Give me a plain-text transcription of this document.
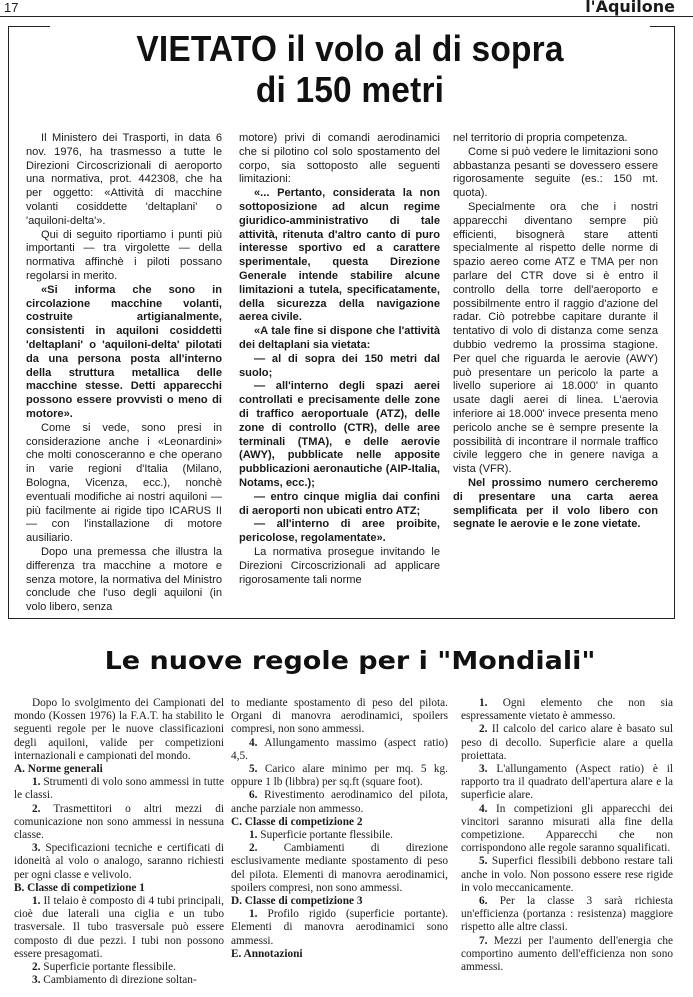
17	l'Aquilone
VIETATO il volo al di sopra
di 150 metri

Il Ministero dei Trasporti, in data 6 nov. 1976, ha trasmesso a tutte le Direzioni Circoscrizionali di aeroporto una normativa, prot. 442308, che ha per oggetto: «Attività di macchine volanti cosiddette 'deltaplani' o 'aquiloni-delta'».

Qui di seguito riportiamo i punti più importanti — tra virgolette — della normativa affinchè i piloti possano regolarsi in merito.

«Si informa che sono in circolazione macchine volanti, costruite artigianalmente, consistenti in aquiloni cosiddetti 'deltaplani' o 'aquiloni-delta' pilotati da una persona posta all'interno della struttura metallica delle macchine stesse. Detti apparecchi possono essere provvisti o meno di motore».

Come si vede, sono presi in considerazione anche i «Leonardini» che molti conosceranno e che operano in varie regioni d'Italia (Milano, Bologna, Vicenza, ecc.), nonchè eventuali modifiche ai nostri aquiloni — più facilmente ai rigide tipo ICARUS II — con l'installazione di motore ausiliario.

Dopo una premessa che illustra la differenza tra macchine a motore e senza motore, la normativa del Ministro conclude che l'uso degli aquiloni (in volo libero, senza

motore) privi di comandi aerodinamici che si pilotino col solo spostamento del corpo, sia sottoposto alle seguenti limitazioni:

«... Pertanto, considerata la non sottoposizione ad alcun regime giuridico-amministrativo di tale attività, ritenuta d'altro canto di puro interesse sportivo ed a carattere sperimentale, questa Direzione Generale intende stabilire alcune limitazioni a tutela, specificatamente, della sicurezza della navigazione aerea civile.

«A tale fine si dispone che l'attività dei deltaplani sia vietata:

— al di sopra dei 150 metri dal suolo;

— all'interno degli spazi aerei controllati e precisamente delle zone di traffico aeroportuale (ATZ), delle zone di controllo (CTR), delle aree terminali (TMA), e delle aerovie (AWY), pubblicate nelle apposite pubblicazioni aeronautiche (AIP-Italia, Notams, ecc.);

— entro cinque miglia dai confini di aeroporti non ubicati entro ATZ;

— all'interno di aree proibite, pericolose, regolamentate».

La normativa prosegue invitando le Direzioni Circoscrizionali ad applicare rigorosamente tali norme

nel territorio di propria competenza.

Come si può vedere le limitazioni sono abbastanza pesanti se dovessero essere rigorosamente seguite (es.: 150 mt. quota).

Specialmente ora che i nostri apparecchi diventano sempre più efficienti, bisognerà stare attenti specialmente al rispetto delle norme di spazio aereo come ATZ e TMA per non parlare del CTR dove si è entro il controllo della torre dell'aeroporto e possibilmente entro il raggio d'azione del radar. Ciò potrebbe capitare durante il tentativo di volo di distanza come senza dubbio vedremo la prossima stagione. Per quel che riguarda le aerovie (AWY) può presentare un pericolo la parte a livello superiore ai 18.000' in quanto usate dagli aerei di linea. L'aerovia inferiore ai 18.000' invece presenta meno pericolo anche se è sempre presente la possibilità di incontrare il normale traffico civile leggero che in genere naviga a vista (VFR).

Nel prossimo numero cercheremo di presentare una carta aerea semplificata per il volo libero con segnate le aerovie e le zone vietate.

Le nuove regole per i "Mondiali"

Dopo lo svolgimento dei Campionati del mondo (Kossen 1976) la F.A.T. ha stabilito le seguenti regole per le nuove classificazioni degli aquiloni, valide per competizioni internazionali e campionati del mondo.

A. Norme generali

1. Strumenti di volo sono ammessi in tutte le classi.

2. Trasmettitori o altri mezzi di comunicazione non sono ammessi in nessuna classe.

3. Specificazioni tecniche e certificati di idoneità al volo o analogo, saranno richiesti per ogni classe e velivolo.

B. Classe di competizione 1

1. Il telaio è composto di 4 tubi principali, cioè due laterali una ciglia e un tubo trasversale. Il tubo trasversale può essere composto di due pezzi. I tubi non possono essere presagomati.

2. Superficie portante flessibile.

3. Cambiamento di direzione soltan-

to mediante spostamento di peso del pilota. Organi di manovra aerodinamici, spoilers compresi, non sono ammessi.

4. Allungamento massimo (aspect ratio) 4,5.

5. Carico alare minimo per mq. 5 kg. oppure 1 lb (libbra) per sq.ft (square foot).

6. Rivestimento aerodinamico del pilota, anche parziale non ammesso.

C. Classe di competizione 2

1. Superficie portante flessibile.

2. Cambiamenti di direzione esclusivamente mediante spostamento di peso del pilota. Elementi di manovra aerodinamici, spoilers compresi, non sono ammessi.

D. Classe di competizione 3

1. Profilo rigido (superficie portante). Elementi di manovra aerodinamici sono ammessi.

E. Annotazioni

1. Ogni elemento che non sia espressamente vietato è ammesso.

2. Il calcolo del carico alare è basato sul peso di decollo. Superficie alare a quella proiettata.

3. L'allungamento (Aspect ratio) è il rapporto tra il quadrato dell'apertura alare e la superficie alare.

4. In competizioni gli apparecchi dei vincitori saranno misurati alla fine della competizione. Apparecchi che non corrispondono alle regole saranno squalificati.

5. Superfici flessibili debbono restare tali anche in volo. Non possono essere rese rigide in volo meccanicamente.

6. Per la classe 3 sarà richiesta un'efficienza (portanza : resistenza) maggiore rispetto alle altre classi.

7. Mezzi per l'aumento dell'energia che comportino aumento dell'efficienza non sono ammessi.
